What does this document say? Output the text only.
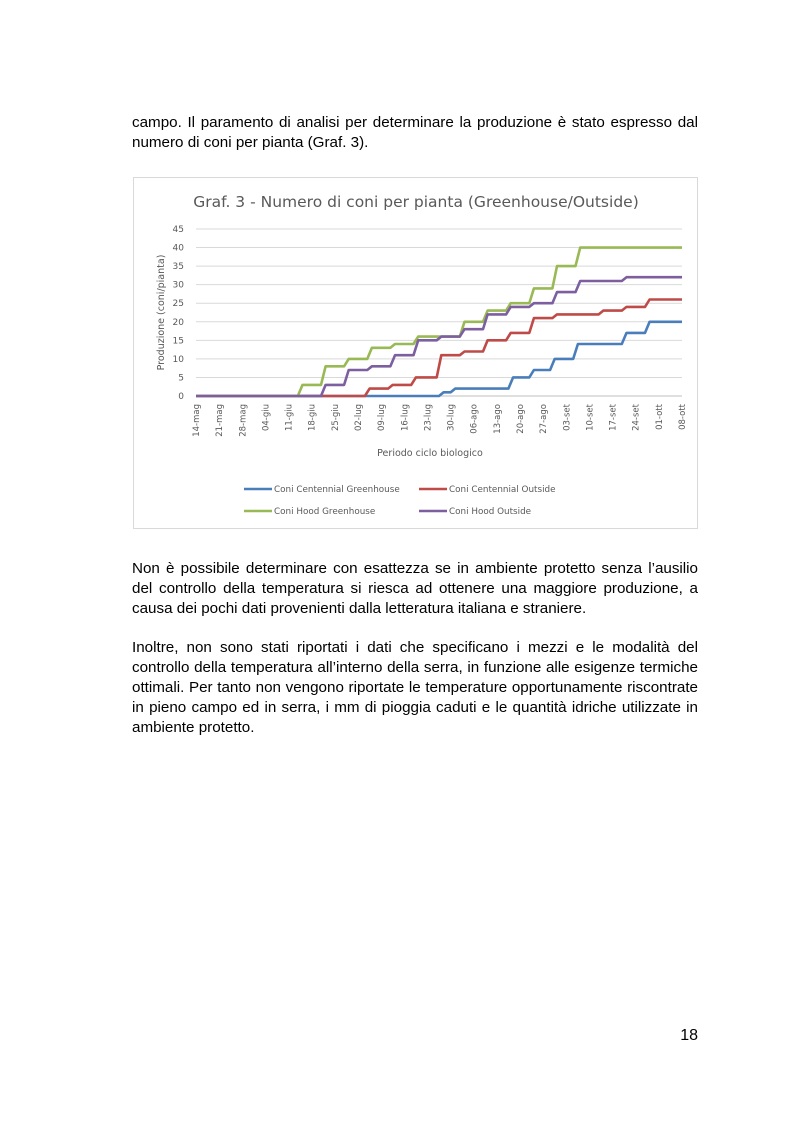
campo. Il paramento di analisi per determinare la produzione è stato espresso dal numero di coni per pianta (Graf. 3).

Graf. 3 - Numero di coni per pianta (Greenhouse/Outside)
0
5
10
15
20
25
30
35
40
45
14-mag 21-mag 28-mag 04-giu 11-giu 18-giu 25-giu 02-lug 09-lug 16-lug 23-lug 30-lug 06-ago 13-ago 20-ago 27-ago 03-set 10-set 17-set 24-set 01-ott 08-ott
Periodo ciclo biologico
Produzione (coni/pianta)
Coni Centennial Greenhouse	Coni Centennial Outside
Coni Hood Greenhouse	Coni Hood Outside

Non è possibile determinare con esattezza se in ambiente protetto senza l’ausilio del controllo della temperatura si riesca ad ottenere una maggiore produzione, a causa dei pochi dati provenienti dalla letteratura italiana e straniere.

Inoltre, non sono stati riportati i dati che specificano i mezzi e le modalità del controllo della temperatura all’interno della serra, in funzione alle esigenze termiche ottimali. Per tanto non vengono riportate le temperature opportunamente riscontrate in pieno campo ed in serra, i mm di pioggia caduti e le quantità idriche utilizzate in ambiente protetto.

18
